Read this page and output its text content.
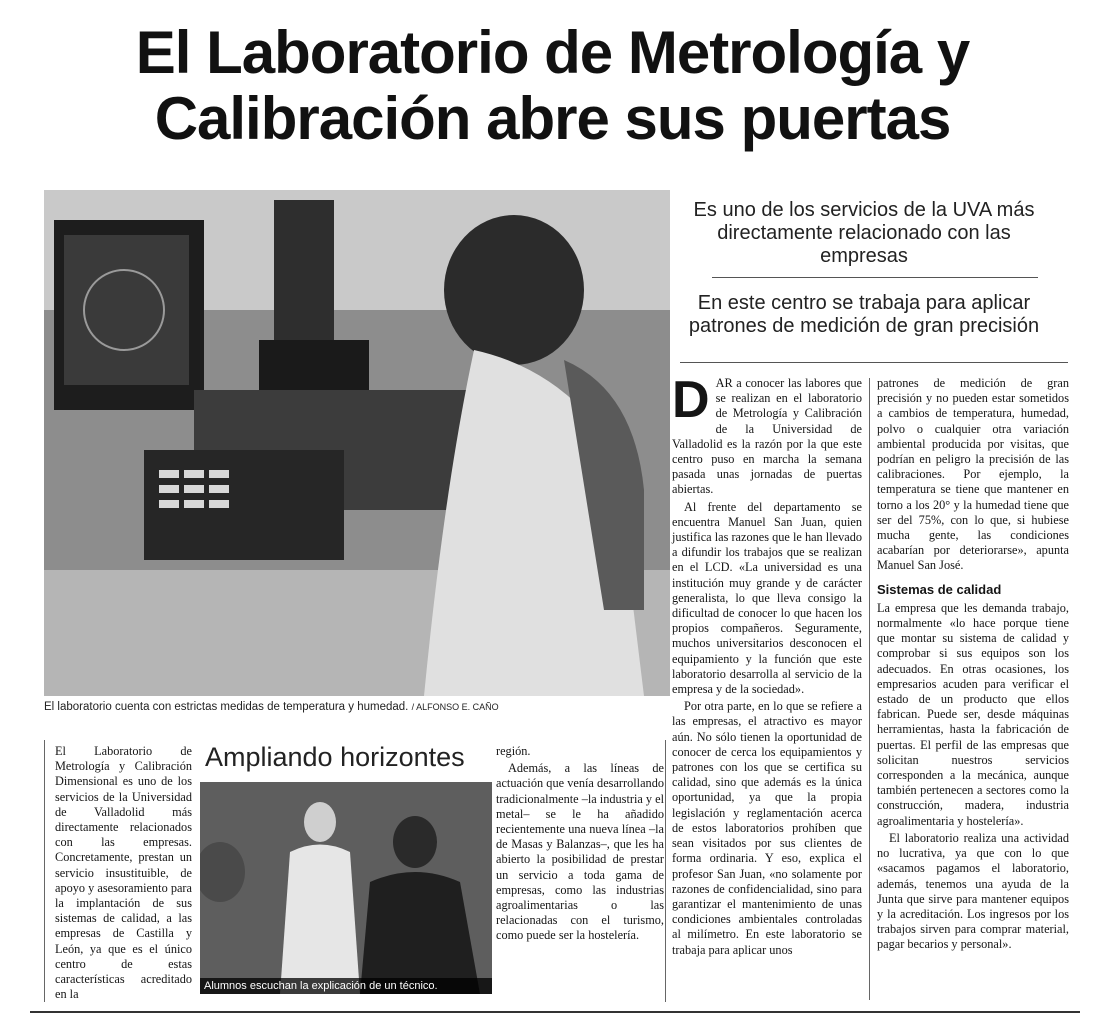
El Laboratorio de Metrología y
Calibración abre sus puertas
El laboratorio cuenta con estrictas medidas de temperatura y humedad. / ALFONSO E. CAÑO
Es uno de los servicios de la UVA más directamente relacionado con las empresas
En este centro se trabaja para aplicar patrones de medición de gran precisión

D AR a conocer las labores que se realizan en el laboratorio de Metrología y Calibración de la Universidad de Valladolid es la razón por la que este centro puso en marcha la semana pasada unas jornadas de puertas abiertas.

Al frente del departamento se encuentra Manuel San Juan, quien justifica las razones que le han llevado a difundir los trabajos que se realizan en el LCD. «La universidad es una institución muy grande y de carácter generalista, lo que lleva consigo la dificultad de conocer lo que hacen los propios compañeros. Seguramente, muchos universitarios desconocen el equipamiento y la función que este laboratorio desarrolla al servicio de la empresa y de la sociedad».

Por otra parte, en lo que se refiere a las empresas, el atractivo es mayor aún. No sólo tienen la oportunidad de conocer de cerca los equipamientos y patrones con los que se certifica su calidad, sino que además es la única oportunidad, ya que la propia legislación y reglamentación acerca de estos laboratorios prohíben que sean visitados por sus clientes de forma ordinaria. Y eso, explica el profesor San Juan, «no solamente por razones de confidencialidad, sino para garantizar el mantenimiento de unas condiciones ambientales controladas al milímetro. En este laboratorio se trabaja para aplicar unos

patrones de medición de gran precisión y no pueden estar sometidos a cambios de temperatura, humedad, polvo o cualquier otra variación ambiental producida por visitas, que podrían en peligro la precisión de las calibraciones. Por ejemplo, la temperatura se tiene que mantener en torno a los 20° y la humedad tiene que ser del 75%, con lo que, si hubiese mucha gente, las condiciones acabarían por deteriorarse», apunta Manuel San José.

Sistemas de calidad

La empresa que les demanda trabajo, normalmente «lo hace porque tiene que montar su sistema de calidad y comprobar si sus equipos son los adecuados. En otras ocasiones, los empresarios acuden para verificar el estado de un producto que ellos fabrican. Puede ser, desde máquinas herramientas, hasta la fabricación de puertas. El perfil de las empresas que solicitan nuestros servicios corresponden a la mecánica, aunque también pertenecen a sectores como la construcción, madera, industria agroalimentaria y hostelería».

El laboratorio realiza una actividad no lucrativa, ya que con lo que «sacamos pagamos el laboratorio, además, tenemos una ayuda de la Junta que sirve para mantener equipos y la acreditación. Los ingresos por los trabajos sirven para comprar material, pagar becarios y personal».

El Laboratorio de Metrología y Calibración Dimensional es uno de los servicios de la Universidad de Valladolid más directamente relacionados con las empresas. Concretamente, prestan un servicio insustituible, de apoyo y asesoramiento para la implantación de sus sistemas de calidad, a las empresas de Castilla y León, ya que es el único centro de estas características acreditado en la

Ampliando horizontes
Alumnos escuchan la explicación de un técnico.

región.

Además, a las líneas de actuación que venía desarrollando tradicionalmente –la industria y el metal– se le ha añadido recientemente una nueva línea –la de Masas y Balanzas–, que les ha abierto la posibilidad de prestar un servicio a toda gama de empresas, como las industrias agroalimentarias o las relacionadas con el turismo, como puede ser la hostelería.
